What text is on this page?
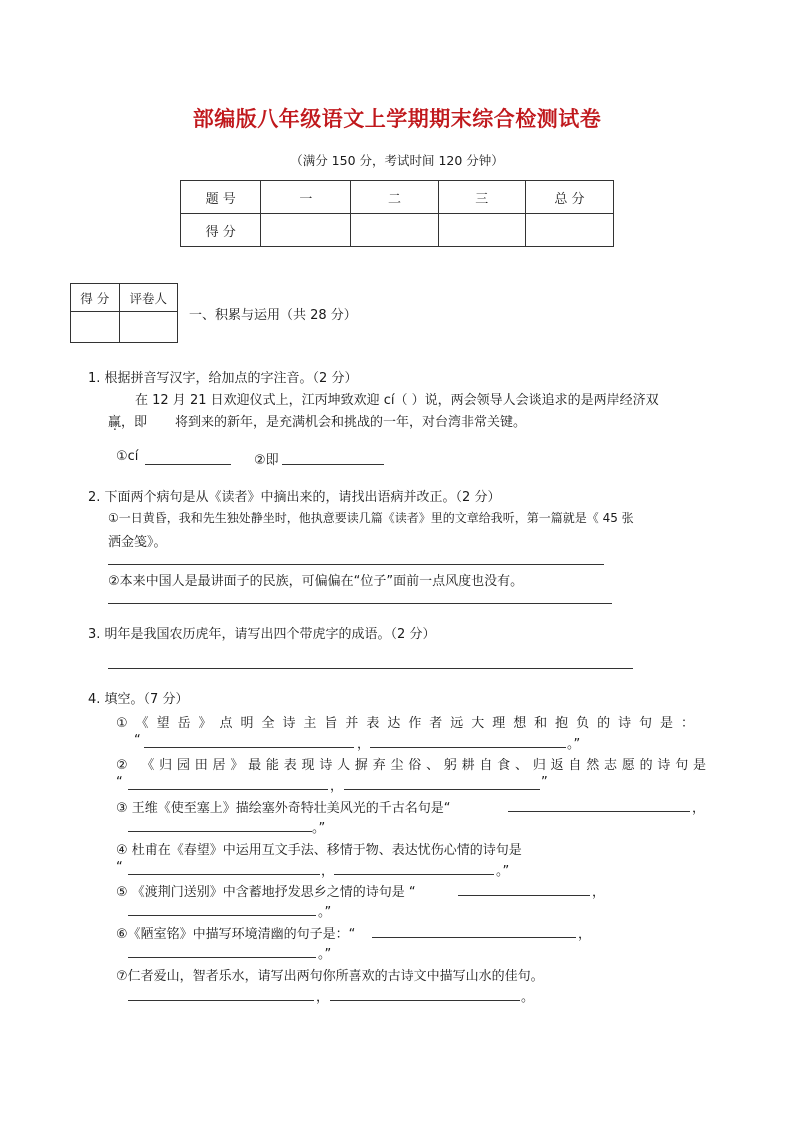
部编版八年级语文上学期期末综合检测试卷
（满分 150 分，考试时间 120 分钟）
题 号	一	二	三	总 分
得 分				
得 分	评卷人

一、积累与运用（共 28 分）
1. 根据拼音写汉字，给加点的字注音。（2 分）
在 12 月 21 日欢迎仪式上，江丙坤致欢迎 cí（ ）说，两会领导人会谈追求的是两岸经济双
赢，即 . 将到来的新年，是充满机会和挑战的一年，对台湾非常关键。
①cí	②即
2. 下面两个病句是从《读者》中摘出来的，请找出语病并改正。（2 分）
①一日黄昏，我和先生独处静坐时，他执意要读几篇《读者》里的文章给我听，第一篇就是《 45 张
洒金笺》。
②本来中国人是最讲面子的民族，可偏偏在“位子”面前一点风度也没有。
3. 明年是我国农历虎年，请写出四个带虎字的成语。（2 分）
4. 填空。（7 分）
①《望岳》点明全诗主旨并表达作者远大理想和抱负的诗句是：
“	，	。”
② 《归园田居》最能表现诗人摒弃尘俗、躬耕自食、归返自然志愿的诗句是
“	，	”
③ 王维《使至塞上》描绘塞外奇特壮美风光的千古名句是“	，
。”
④ 杜甫在《春望》中运用互文手法、移情于物、表达忧伤心情的诗句是
“	，	。”
⑤ 《渡荆门送别》中含蓄地抒发思乡之情的诗句是 “	，
。”
⑥《陋室铭》中描写环境清幽的句子是：“	，
。”
⑦仁者爱山，智者乐水，请写出两句你所喜欢的古诗文中描写山水的佳句。
，	。
